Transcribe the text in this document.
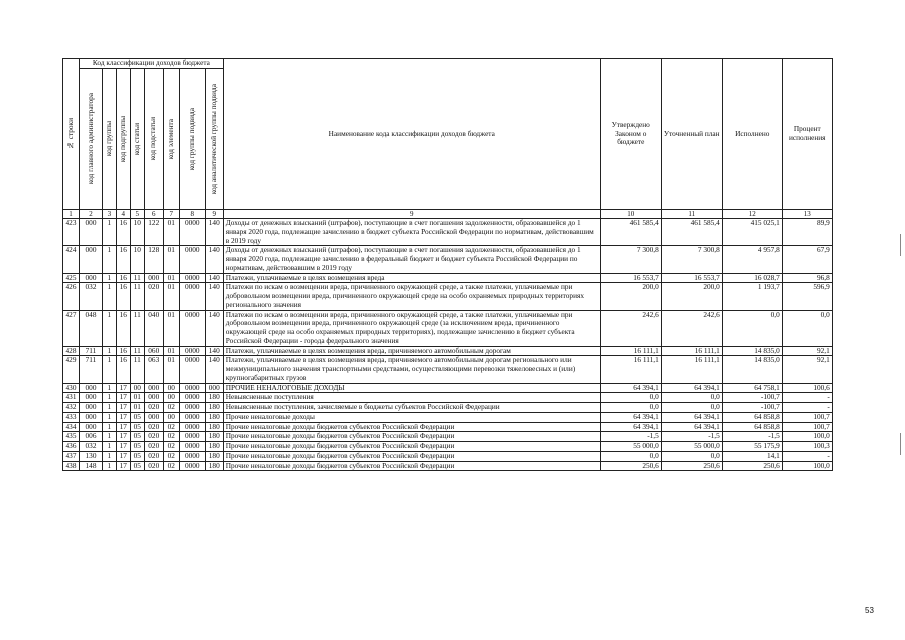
№ строки	Код классификации доходов бюджета								Наименование кода классификации доходов бюджета	Утверждено Законом о бюджете	Уточненный план	Исполнено	Процент исполнения

	код главного администратора	код группы	код подгруппы	код статьи	код подстатьи	код элемента	код группы подвида	код аналитической группы подвида					

1	2	3	4	5	6	7	8	9	9	10	11	12	13
423	000	1	16	10	122	01	0000	140	Доходы от денежных взысканий (штрафов), поступающие в счет погашения задолженности, образовавшейся до 1 января 2020 года, подлежащие зачислению в бюджет субъекта Российской Федерации по нормативам, действовавшим в 2019 году	461 585,4	461 585,4	415 025,1	89,9
424	000	1	16	10	128	01	0000	140	Доходы от денежных взысканий (штрафов), поступающие в счет погашения задолженности, образовавшейся до 1 января 2020 года, подлежащие зачислению в федеральный бюджет и бюджет субъекта Российской Федерации по нормативам, действовавшим в 2019 году	7 300,8	7 300,8	4 957,8	67,9
425	000	1	16	11	000	01	0000	140	Платежи, уплачиваемые в целях возмещения вреда	16 553,7	16 553,7	16 028,7	96,8
426	032	1	16	11	020	01	0000	140	Платежи по искам о возмещении вреда, причиненного окружающей среде, а также платежи, уплачиваемые при добровольном возмещении вреда, причиненного окружающей среде на особо охраняемых природных территориях регионального значения	200,0	200,0	1 193,7	596,9
427	048	1	16	11	040	01	0000	140	Платежи по искам о возмещении вреда, причиненного окружающей среде, а также платежи, уплачиваемые при добровольном возмещении вреда, причиненного окружающей среде (за исключением вреда, причиненного окружающей среде на особо охраняемых природных территориях), подлежащие зачислению в бюджет субъекта Российской Федерации - города федерального значения	242,6	242,6	0,0	0,0
428	711	1	16	11	060	01	0000	140	Платежи, уплачиваемые в целях возмещения вреда, причиняемого автомобильным дорогам	16 111,1	16 111,1	14 835,0	92,1
429	711	1	16	11	063	01	0000	140	Платежи, уплачиваемые в целях возмещения вреда, причиняемого автомобильным дорогам регионального или межмуниципального значения транспортными средствами, осуществляющими перевозки тяжеловесных и (или) крупногабаритных грузов	16 111,1	16 111,1	14 835,0	92,1
430	000	1	17	00	000	00	0000	000	ПРОЧИЕ НЕНАЛОГОВЫЕ ДОХОДЫ	64 394,1	64 394,1	64 758,1	100,6
431	000	1	17	01	000	00	0000	180	Невыясненные поступления	0,0	0,0	-100,7	-
432	000	1	17	01	020	02	0000	180	Невыясненные поступления, зачисляемые в бюджеты субъектов Российской Федерации	0,0	0,0	-100,7	-
433	000	1	17	05	000	00	0000	180	Прочие неналоговые доходы	64 394,1	64 394,1	64 858,8	100,7
434	000	1	17	05	020	02	0000	180	Прочие неналоговые доходы бюджетов субъектов Российской Федерации	64 394,1	64 394,1	64 858,8	100,7
435	006	1	17	05	020	02	0000	180	Прочие неналоговые доходы бюджетов субъектов Российской Федерации	-1,5	-1,5	-1,5	100,0
436	032	1	17	05	020	02	0000	180	Прочие неналоговые доходы бюджетов субъектов Российской Федерации	55 000,0	55 000,0	55 175,9	100,3
437	130	1	17	05	020	02	0000	180	Прочие неналоговые доходы бюджетов субъектов Российской Федерации	0,0	0,0	14,1	-
438	148	1	17	05	020	02	0000	180	Прочие неналоговые доходы бюджетов субъектов Российской Федерации	250,6	250,6	250,6	100,0
53
